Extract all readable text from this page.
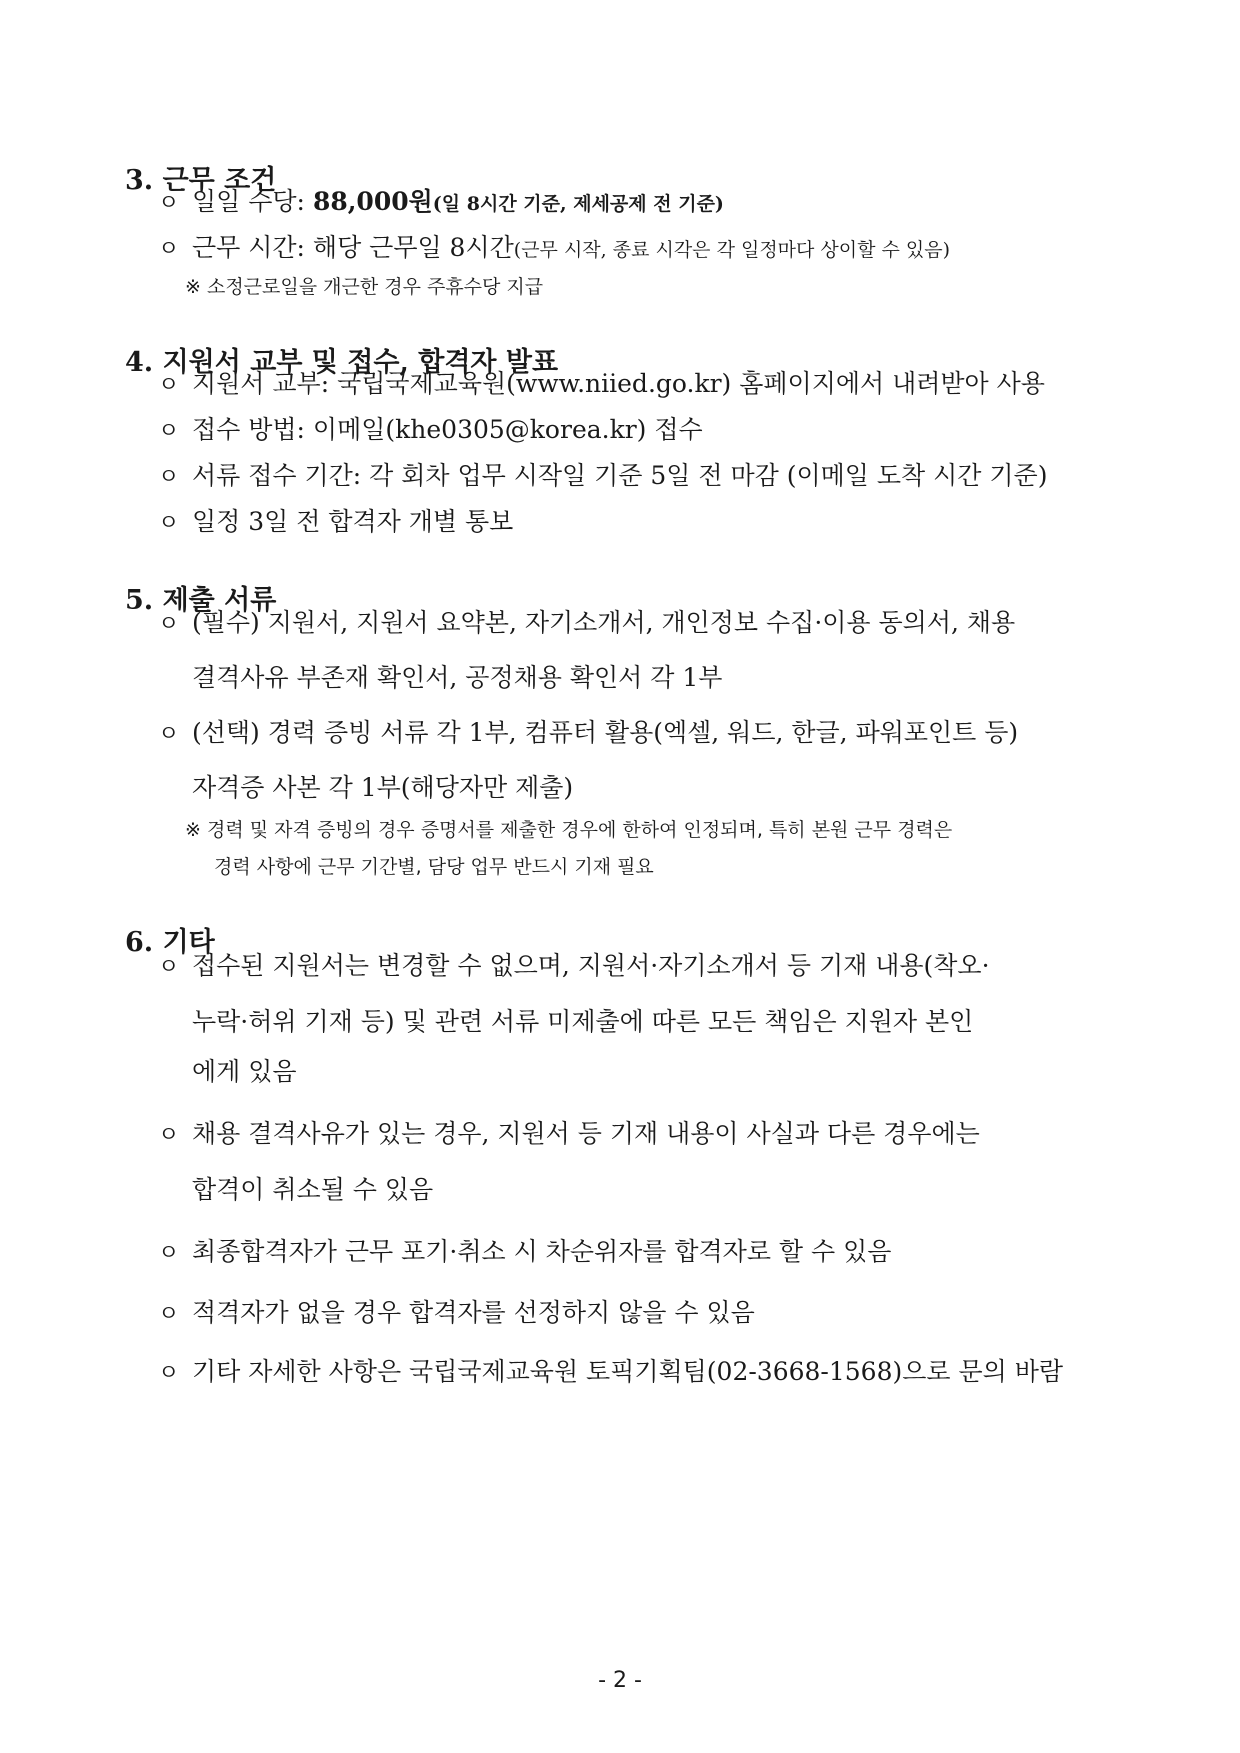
3. 근무 조건
ㅇ 일일 수당: 88,000원(일 8시간 기준, 제세공제 전 기준)
ㅇ 근무 시간: 해당 근무일 8시간(근무 시작, 종료 시각은 각 일정마다 상이할 수 있음)
※ 소정근로일을 개근한 경우 주휴수당 지급
4. 지원서 교부 및 접수, 합격자 발표
ㅇ 지원서 교부: 국립국제교육원(www.niied.go.kr) 홈페이지에서 내려받아 사용
ㅇ 접수 방법: 이메일(khe0305@korea.kr) 접수
ㅇ 서류 접수 기간: 각 회차 업무 시작일 기준 5일 전 마감 (이메일 도착 시간 기준)
ㅇ 일정 3일 전 합격자 개별 통보
5. 제출 서류
ㅇ (필수) 지원서, 지원서 요약본, 자기소개서, 개인정보 수집·이용 동의서, 채용
결격사유 부존재 확인서, 공정채용 확인서 각 1부
ㅇ (선택) 경력 증빙 서류 각 1부, 컴퓨터 활용(엑셀, 워드, 한글, 파워포인트 등)
자격증 사본 각 1부(해당자만 제출)
※ 경력 및 자격 증빙의 경우 증명서를 제출한 경우에 한하여 인정되며, 특히 본원 근무 경력은
경력 사항에 근무 기간별, 담당 업무 반드시 기재 필요
6. 기타
ㅇ 접수된 지원서는 변경할 수 없으며, 지원서·자기소개서 등 기재 내용(착오·
누락·허위 기재 등) 및 관련 서류 미제출에 따른 모든 책임은 지원자 본인
에게 있음
ㅇ 채용 결격사유가 있는 경우, 지원서 등 기재 내용이 사실과 다른 경우에는
합격이 취소될 수 있음
ㅇ 최종합격자가 근무 포기·취소 시 차순위자를 합격자로 할 수 있음
ㅇ 적격자가 없을 경우 합격자를 선정하지 않을 수 있음
ㅇ 기타 자세한 사항은 국립국제교육원 토픽기획팀(02-3668-1568)으로 문의 바람
- 2 -
